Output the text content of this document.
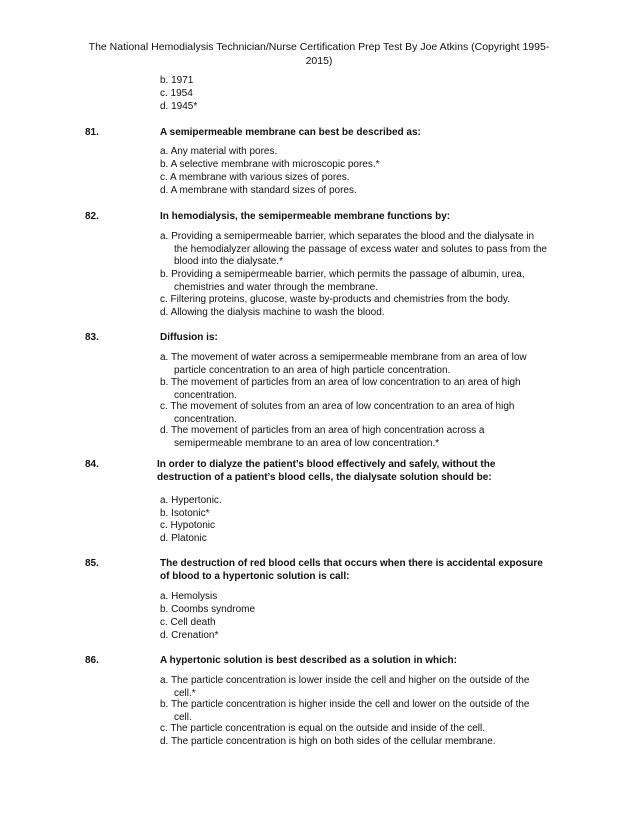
The National Hemodialysis Technician/Nurse Certification Prep Test By Joe Atkins (Copyright 1995-
2015)
b. 1971
c. 1954
d. 1945*
81.	A semipermeable membrane can best be described as:
a. Any material with pores.
b. A selective membrane with microscopic pores.*
c. A membrane with various sizes of pores.
d. A membrane with standard sizes of pores.
82.	In hemodialysis, the semipermeable membrane functions by:
a. Providing a semipermeable barrier, which separates the blood and the dialysate in
the hemodialyzer allowing the passage of excess water and solutes to pass from the
blood into the dialysate.*
b. Providing a semipermeable barrier, which permits the passage of albumin, urea,
chemistries and water through the membrane.
c. Filtering proteins, glucose, waste by-products and chemistries from the body.
d. Allowing the dialysis machine to wash the blood.
83.	Diffusion is:
a. The movement of water across a semipermeable membrane from an area of low
particle concentration to an area of high particle concentration.
b. The movement of particles from an area of low concentration to an area of high
concentration.
c. The movement of solutes from an area of low concentration to an area of high
concentration.
d. The movement of particles from an area of high concentration across a
semipermeable membrane to an area of low concentration.*
84.	In order to dialyze the patient’s blood effectively and safely, without the
destruction of a patient’s blood cells, the dialysate solution should be:
a. Hypertonic.
b. Isotonic*
c. Hypotonic
d. Platonic
85.	The destruction of red blood cells that occurs when there is accidental exposure
of blood to a hypertonic solution is call:
a. Hemolysis
b. Coombs syndrome
c. Cell death
d. Crenation*
86.	A hypertonic solution is best described as a solution in which:
a. The particle concentration is lower inside the cell and higher on the outside of the
cell.*
b. The particle concentration is higher inside the cell and lower on the outside of the
cell.
c. The particle concentration is equal on the outside and inside of the cell.
d. The particle concentration is high on both sides of the cellular membrane.
